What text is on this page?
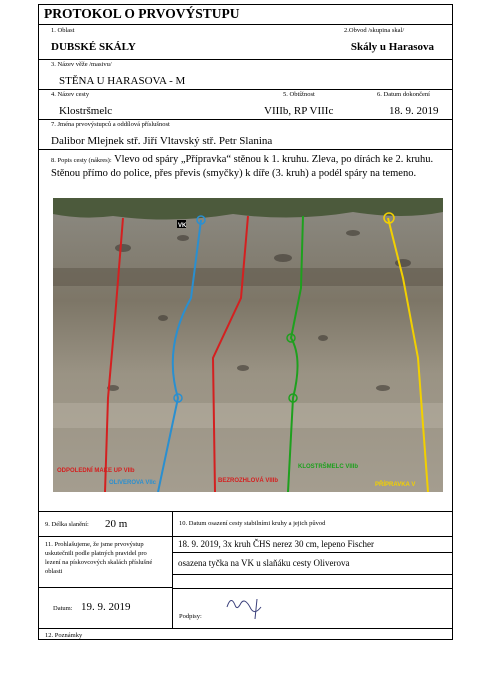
PROTOKOL O PRVOVÝSTUPU
1. Oblast	2.Obvod /skupina skal/
DUBSKÉ SKÁLY	Skály u Harasova
3. Název věže /masivu/
STĚNA U HARASOVA - M
4. Název cesty	5. Obtížnost	6. Datum dokončení
Klostršmelc	VIIIb, RP VIIIc	18. 9. 2019
7. Jména prvovýstupců a oddílová příslušnost
Dalibor Mlejnek stř. Jiří Vltavský stř. Petr Slanina
8. Popis cesty (nákres): Vlevo od spáry „Přípravka“ stěnou k 1. kruhu. Zleva, po dírách ke 2. kruhu. Stěnou přímo do police, přes převis (smyčky) k díře (3. kruh) a podél spáry na temeno.
VK
ODPOLEDNÍ MAKE UP VIIb
OLIVEROVA VIIc	BEZROZHLOVÁ VIIIb
KLOSTRŠMELC VIIIb
PŘÍPRAVKA V
9. Délka slanění: 20 m	10. Datum osazení cesty stabilními kruhy a jejich původ
11. Prohlašujeme, že jsme prvovýstup uskutečnili podle platných pravidel pro lezení na pískovcových skalách příslušné oblasti
Datum: 19. 9. 2019
18. 9. 2019, 3x kruh ČHS nerez 30 cm, lepeno Fischer
osazena tyčka na VK u slaňáku cesty Oliverova
Podpisy:
12. Poznámky
